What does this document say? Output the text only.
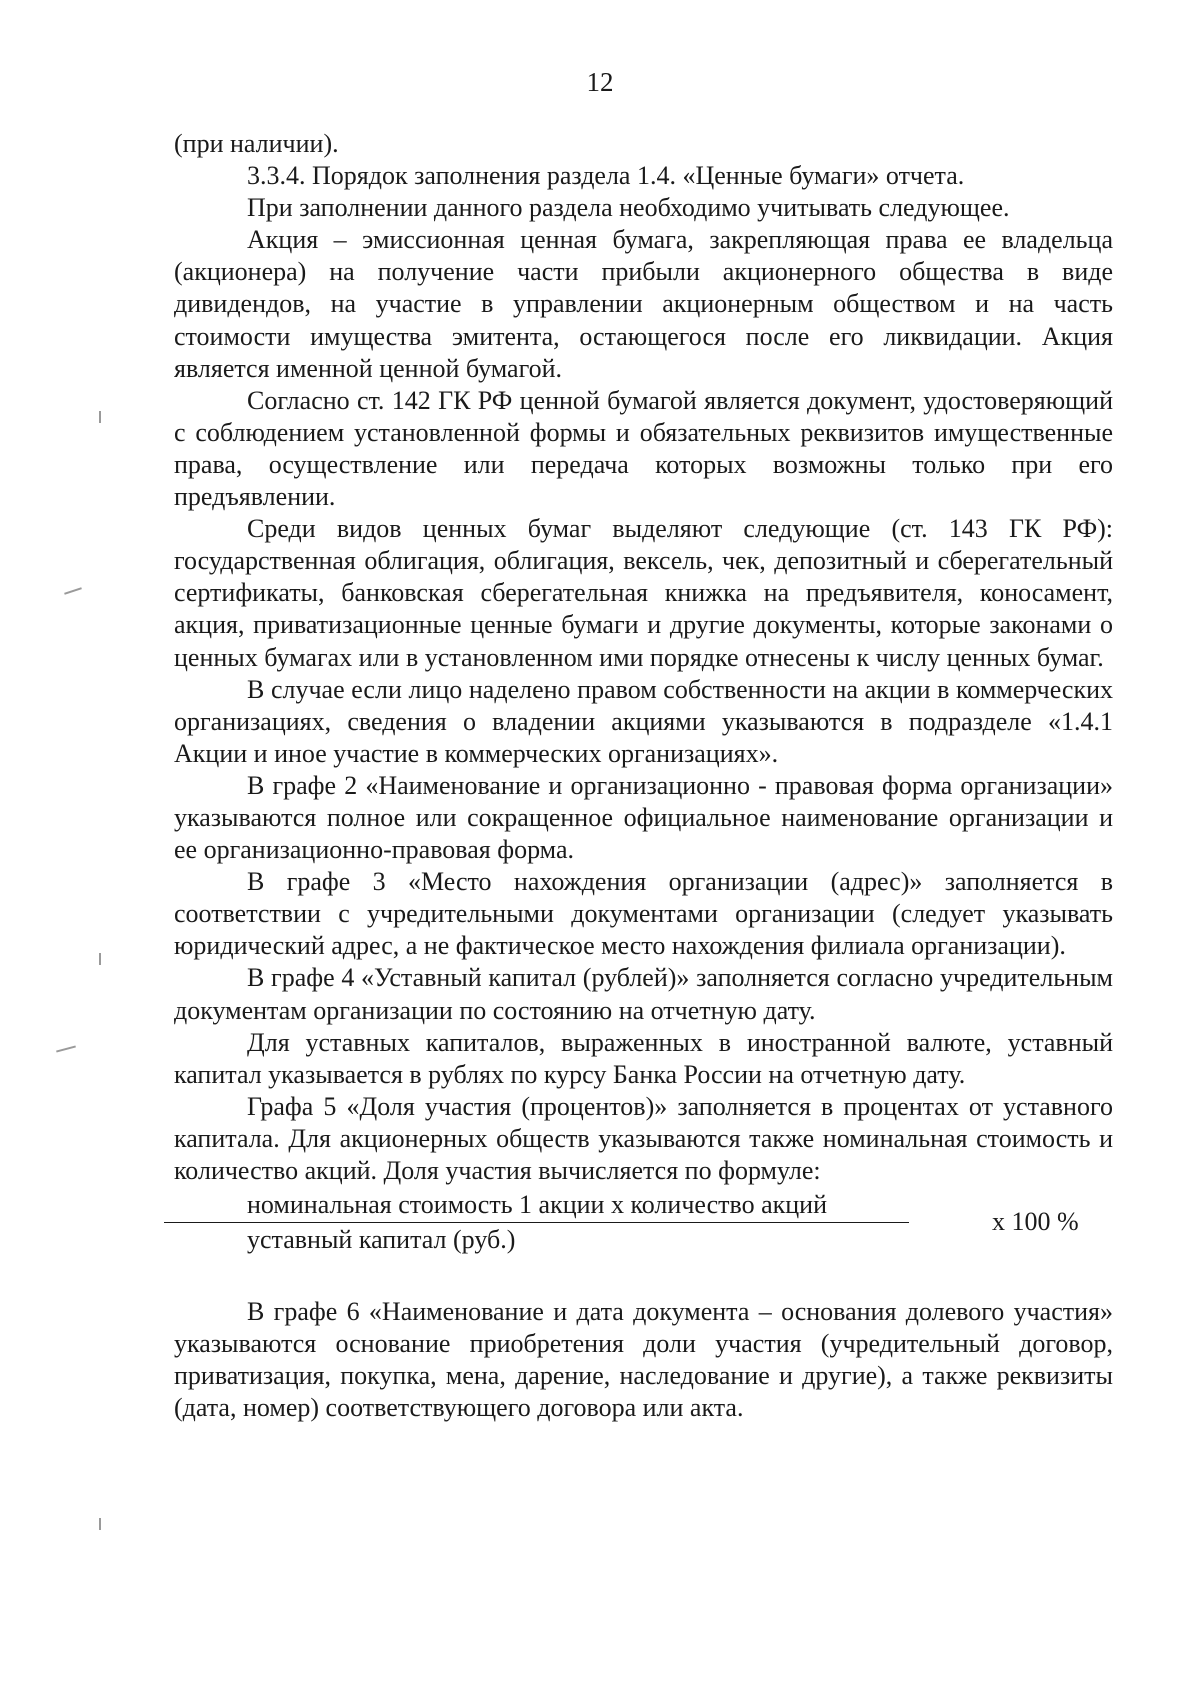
12

(при наличии).

3.3.4. Порядок заполнения раздела 1.4. «Ценные бумаги» отчета.

При заполнении данного раздела необходимо учитывать следующее.

Акция – эмиссионная ценная бумага, закрепляющая права ее владельца (акционера) на получение части прибыли акционерного общества в виде дивидендов, на участие в управлении акционерным обществом и на часть стоимости имущества эмитента, остающегося после его ликвидации. Акция является именной ценной бумагой.

Согласно ст. 142 ГК РФ ценной бумагой является документ, удостоверяющий с соблюдением установленной формы и обязательных реквизитов имущественные права, осуществление или передача которых возможны только при его предъявлении.

Среди видов ценных бумаг выделяют следующие (ст. 143 ГК РФ): государственная облигация, облигация, вексель, чек, депозитный и сберегательный сертификаты, банковская сберегательная книжка на предъявителя, коносамент, акция, приватизационные ценные бумаги и другие документы, которые законами о ценных бумагах или в установленном ими порядке отнесены к числу ценных бумаг.

В случае если лицо наделено правом собственности на акции в коммерческих организациях, сведения о владении акциями указываются в подразделе «1.4.1 Акции и иное участие в коммерческих организациях».

В графе 2 «Наименование и организационно - правовая форма организации» указываются полное или сокращенное официальное наименование организации и ее организационно-правовая форма.

В графе 3 «Место нахождения организации (адрес)» заполняется в соответствии с учредительными документами организации (следует указывать юридический адрес, а не фактическое место нахождения филиала организации).

В графе 4 «Уставный капитал (рублей)» заполняется согласно учредительным документам организации по состоянию на отчетную дату.

Для уставных капиталов, выраженных в иностранной валюте, уставный капитал указывается в рублях по курсу Банка России на отчетную дату.

Графа 5 «Доля участия (процентов)» заполняется в процентах от уставного капитала. Для акционерных обществ указываются также номинальная стоимость и количество акций. Доля участия вычисляется по формуле:

номинальная стоимость 1 акции х количество акций
уставный капитал (руб.)
х 100 %

В графе 6 «Наименование и дата документа – основания долевого участия» указываются основание приобретения доли участия (учредительный договор, приватизация, покупка, мена, дарение, наследование и другие), а также реквизиты (дата, номер) соответствующего договора или акта.
